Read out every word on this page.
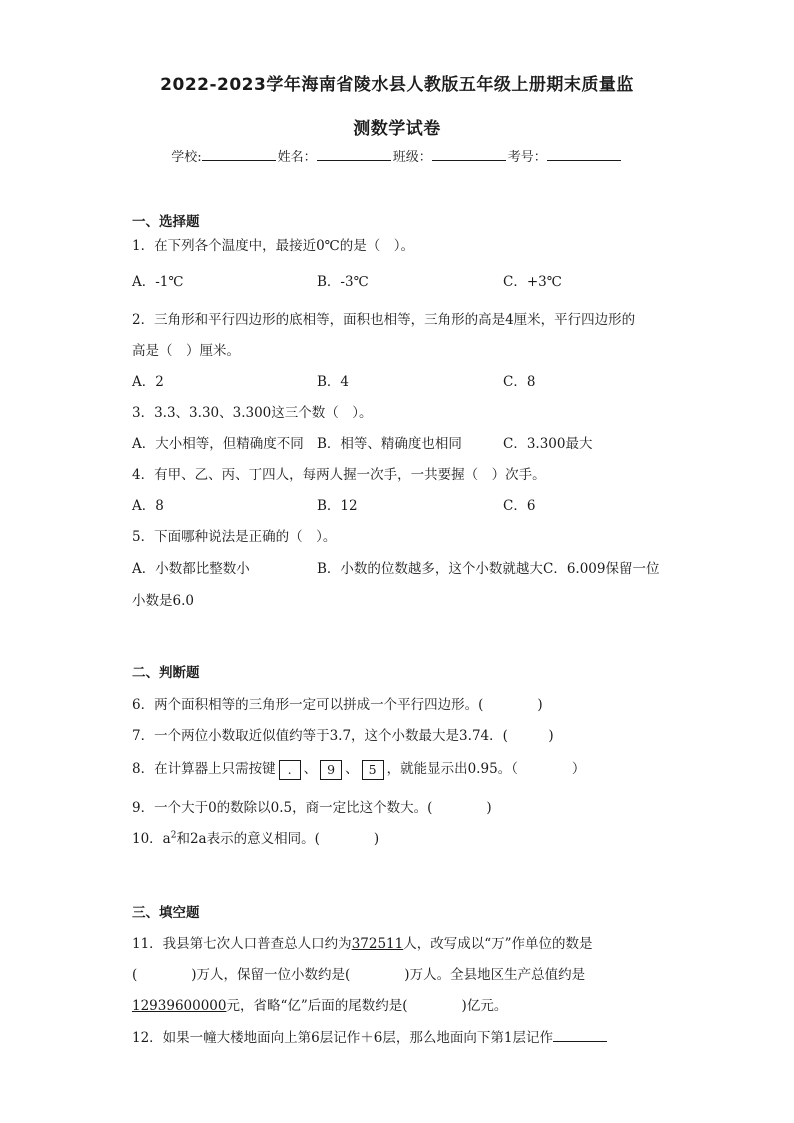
2022-2023学年海南省陵水县人教版五年级上册期末质量监
测数学试卷
学校:	姓名：	班级：	考号：
一、选择题
1．在下列各个温度中，最接近0℃的是（　）。
A．-1℃	B．-3℃	C．+3℃
2．三角形和平行四边形的底相等，面积也相等，三角形的高是4厘米，平行四边形的
高是（　）厘米。
A．2	B．4	C．8
3．3.3、3.30、3.300这三个数（　）。
A．大小相等，但精确度不同 B．相等、精确度也相同	C．3.300最大
4．有甲、乙、丙、丁四人，每两人握一次手，一共要握（　）次手。
A．8	B．12	C．6
5．下面哪种说法是正确的（　）。
A．小数都比整数小	B．小数的位数越多，这个小数就越大 C．6.009保留一位
小数是6.0
二、判断题
6．两个面积相等的三角形一定可以拼成一个平行四边形。(　　　　)
7．一个两位小数取近似值约等于3.7，这个小数最大是3.74．(　　　)
8．在计算器上只需按键 . 、 9 、 5 ，就能显示出0.95。（　　　　）
9．一个大于0的数除以0.5，商一定比这个数大。(　　　　)
10．$a^2$和2a表示的意义相同。(　　　　)
三、填空题
11．我县第七次人口普查总人口约为372511人，改写成以“万”作单位的数是
(　　　　)万人，保留一位小数约是(　　　　)万人。全县地区生产总值约是
12939600000元，省略“亿”后面的尾数约是(　　　　)亿元。
12．如果一幢大楼地面向上第6层记作＋6层，那么地面向下第1层记作
